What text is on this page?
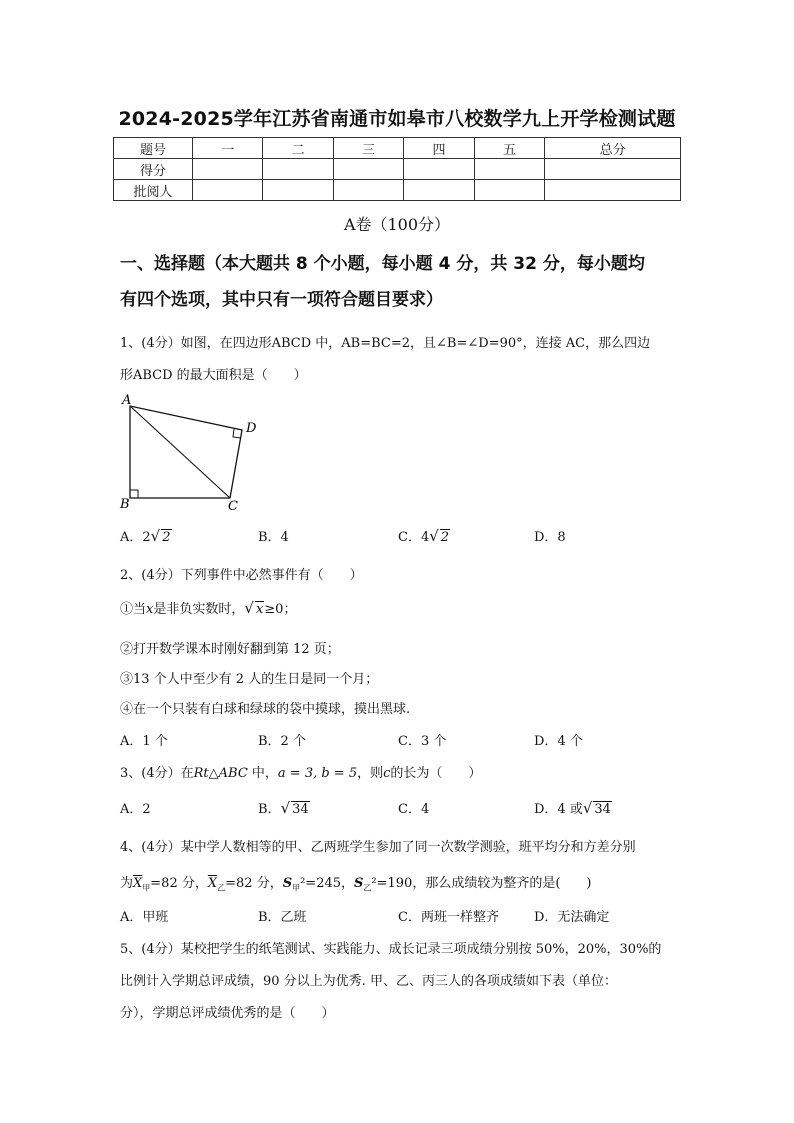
2024-2025学年江苏省南通市如皋市八校数学九上开学检测试题
题号	一	二	三	四	五	总分
得分						
批阅人						
A卷（100分）
一、选择题（本大题共 8 个小题，每小题 4 分，共 32 分，每小题均
有四个选项，其中只有一项符合题目要求）
1、(4分）如图，在四边形ABCD 中，AB=BC=2，且∠B=∠D=90°，连接 AC，那么四边
形ABCD 的最大面积是（　　）
A
B	C
D
A．2√ 2	B．4	C．4√ 2	D．8
2、(4分）下列事件中必然事件有（　　）
①当x是非负实数时，√ x≥0；
②打开数学课本时刚好翻到第 12 页；
③13 个人中至少有 2 人的生日是同一个月；
④在一个只装有白球和绿球的袋中摸球，摸出黑球.
A．1 个	B．2 个	C．3 个	D．4 个
3、(4分）在Rt△ABC 中，a = 3, b = 5，则c的长为（　　）
A．2	B．√ 34	C．4	D．4 或√ 34
4、(4分）某中学人数相等的甲、乙两班学生参加了同一次数学测验，班平均分和方差分别
为$\overline{X}_甲=82$ 分，$\overline{X}_乙=82$ 分，$S_甲^2=245$，$S_乙^2=190$，那么成绩较为整齐的是(　　)
A．甲班	B．乙班	C．两班一样整齐	D．无法确定
5、(4分）某校把学生的纸笔测试、实践能力、成长记录三项成绩分别按 50%，20%，30%的
比例计入学期总评成绩，90 分以上为优秀. 甲、乙、丙三人的各项成绩如下表（单位：
分），学期总评成绩优秀的是（　　）
